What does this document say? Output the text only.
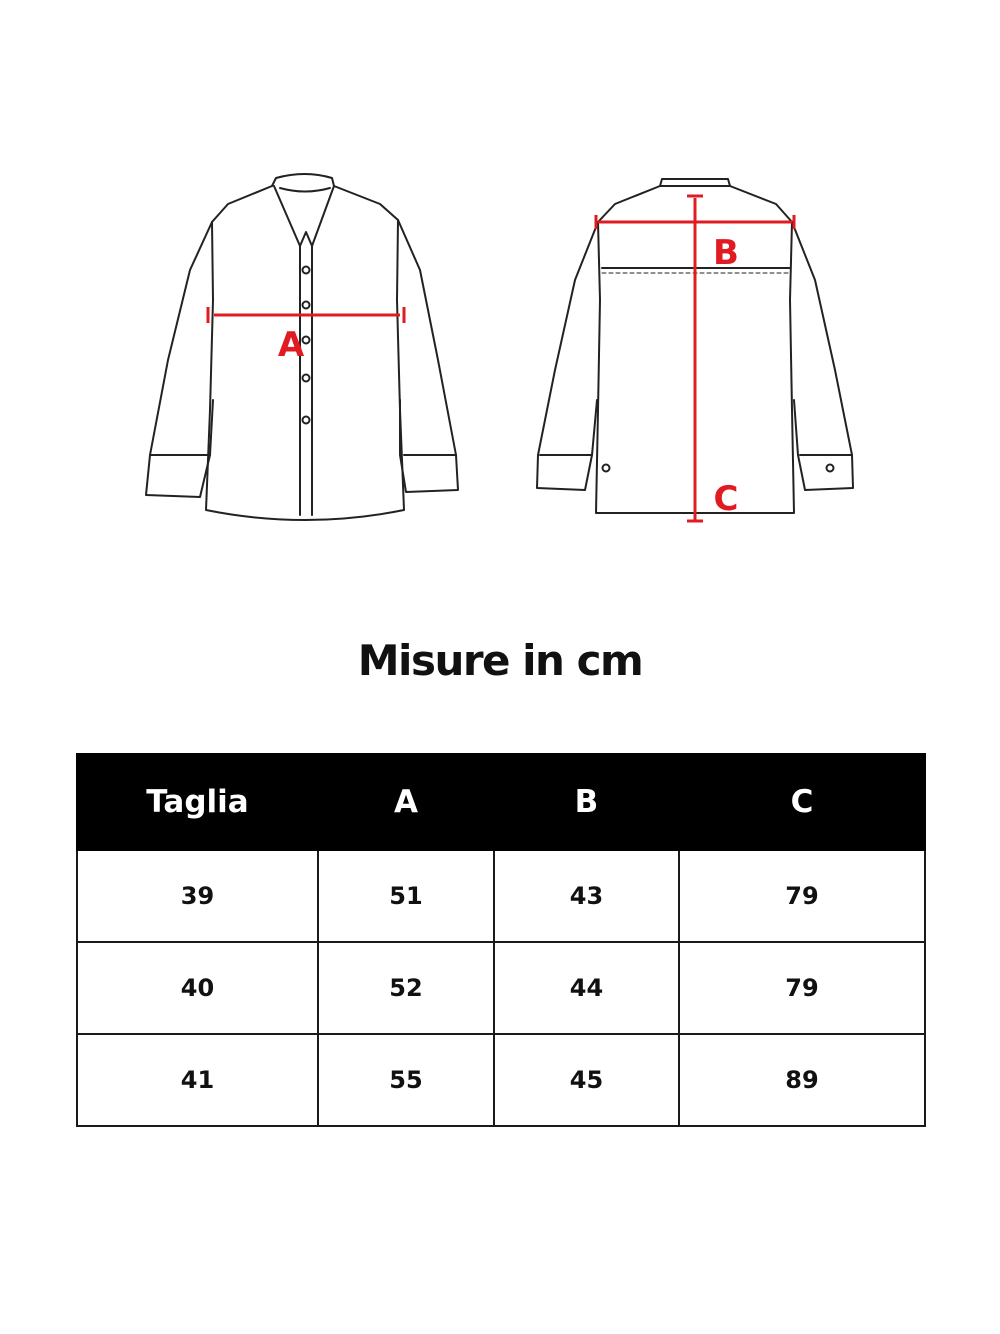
A
B
C
Misure in cm
Taglia	A	B	C
39	51	43	79
40	52	44	79
41	55	45	89
